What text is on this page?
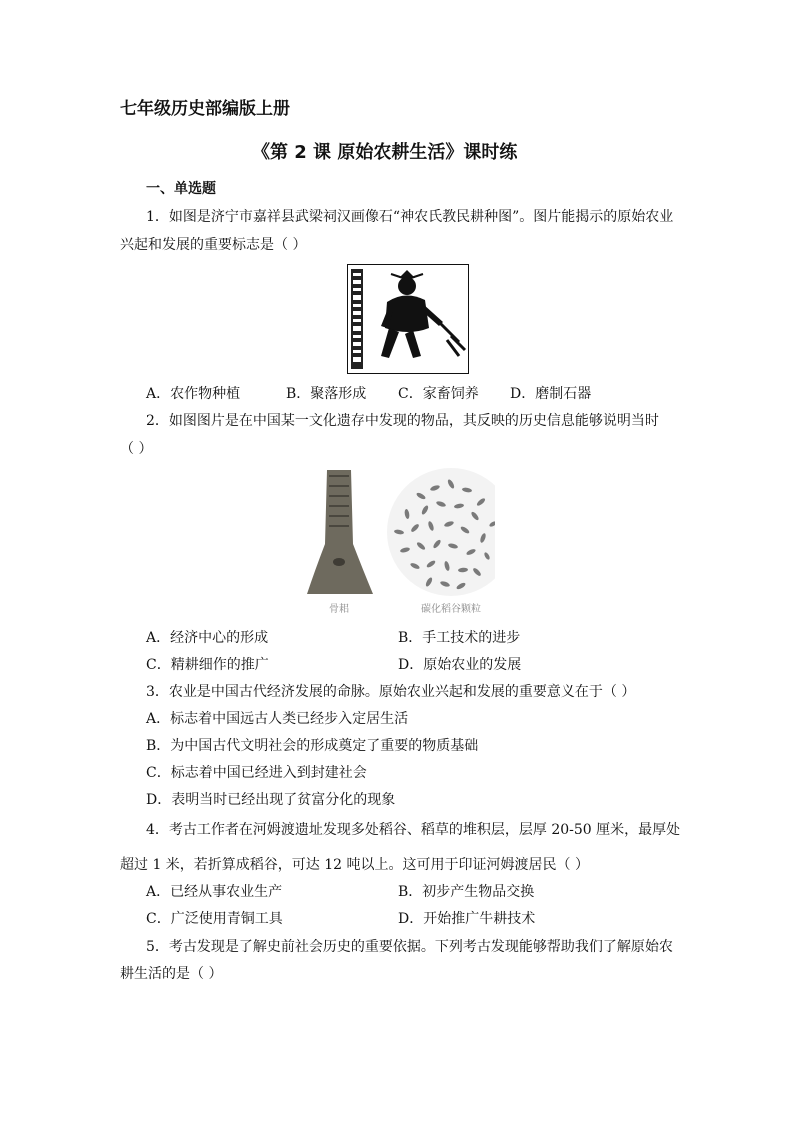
七年级历史部编版上册
《第 2 课 原始农耕生活》课时练
一、单选题
1．如图是济宁市嘉祥县武梁祠汉画像石“神农氏教民耕种图”。图片能揭示的原始农业
兴起和发展的重要标志是（ ）
A．农作物种植	B．聚落形成 C．家畜饲养 D．磨制石器
2．如图图片是在中国某一文化遗存中发现的物品，其反映的历史信息能够说明当时
（ ）
骨耜	碳化稻谷颗粒
A．经济中心的形成	B．手工技术的进步
C．精耕细作的推广	D．原始农业的发展
3．农业是中国古代经济发展的命脉。原始农业兴起和发展的重要意义在于（ ）
A．标志着中国远古人类已经步入定居生活
B．为中国古代文明社会的形成奠定了重要的物质基础
C．标志着中国已经进入到封建社会
D．表明当时已经出现了贫富分化的现象
4．考古工作者在河姆渡遗址发现多处稻谷、稻草的堆积层，层厚 20-50 厘米，最厚处
超过 1 米，若折算成稻谷，可达 12 吨以上。这可用于印证河姆渡居民（ ）
A．已经从事农业生产	B．初步产生物品交换
C．广泛使用青铜工具	D．开始推广牛耕技术
5．考古发现是了解史前社会历史的重要依据。下列考古发现能够帮助我们了解原始农
耕生活的是（ ）
